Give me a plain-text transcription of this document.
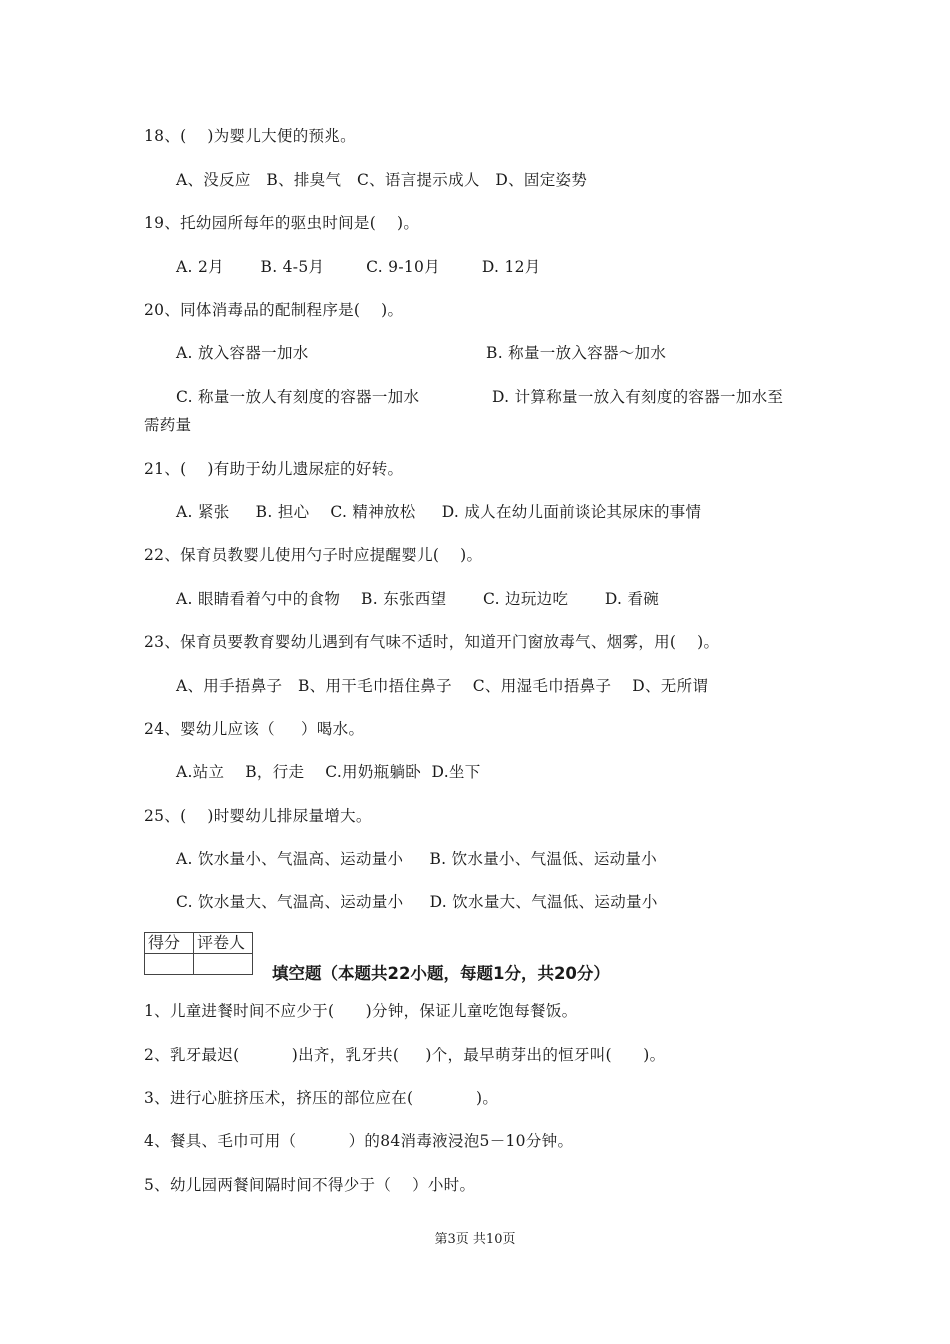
18、(    )为婴儿大便的预兆。
A、没反应   B、排臭气   C、语言提示成人   D、固定姿势
19、托幼园所每年的驱虫时间是(    )。
A. 2月       B. 4-5月        C. 9-10月        D. 12月
20、同体消毒品的配制程序是(    )。
A. 放入容器一加水	B. 称量一放入容器～加水
C. 称量一放人有刻度的容器一加水	D. 计算称量一放入有刻度的容器一加水至
需药量
21、(    )有助于幼儿遗尿症的好转。
A. 紧张     B. 担心    C. 精神放松     D. 成人在幼儿面前谈论其尿床的事情
22、保育员教婴儿使用勺子时应提醒婴儿(    )。
A. 眼睛看着勺中的食物    B. 东张西望       C. 边玩边吃       D. 看碗
23、保育员要教育婴幼儿遇到有气味不适时，知道开门窗放毒气、烟雾，用(    )。
A、用手捂鼻子   B、用干毛巾捂住鼻子    C、用湿毛巾捂鼻子    D、无所谓
24、婴幼儿应该（     ）喝水。
A.站立    B，行走    C.用奶瓶躺卧  D.坐下
25、(    )时婴幼儿排尿量增大。
A. 饮水量小、气温高、运动量小     B. 饮水量小、气温低、运动量小
C. 饮水量大、气温高、运动量小     D. 饮水量大、气温低、运动量小
得分	评卷人

填空题（本题共22小题，每题1分，共20分）
1、儿童进餐时间不应少于(      )分钟，保证儿童吃饱每餐饭。
2、乳牙最迟(          )出齐，乳牙共(     )个，最早萌芽出的恒牙叫(      )。
3、进行心脏挤压术，挤压的部位应在(            )。
4、餐具、毛巾可用（          ）的84消毒液浸泡5－10分钟。
5、幼儿园两餐间隔时间不得少于（    ）小时。
第3页 共10页
